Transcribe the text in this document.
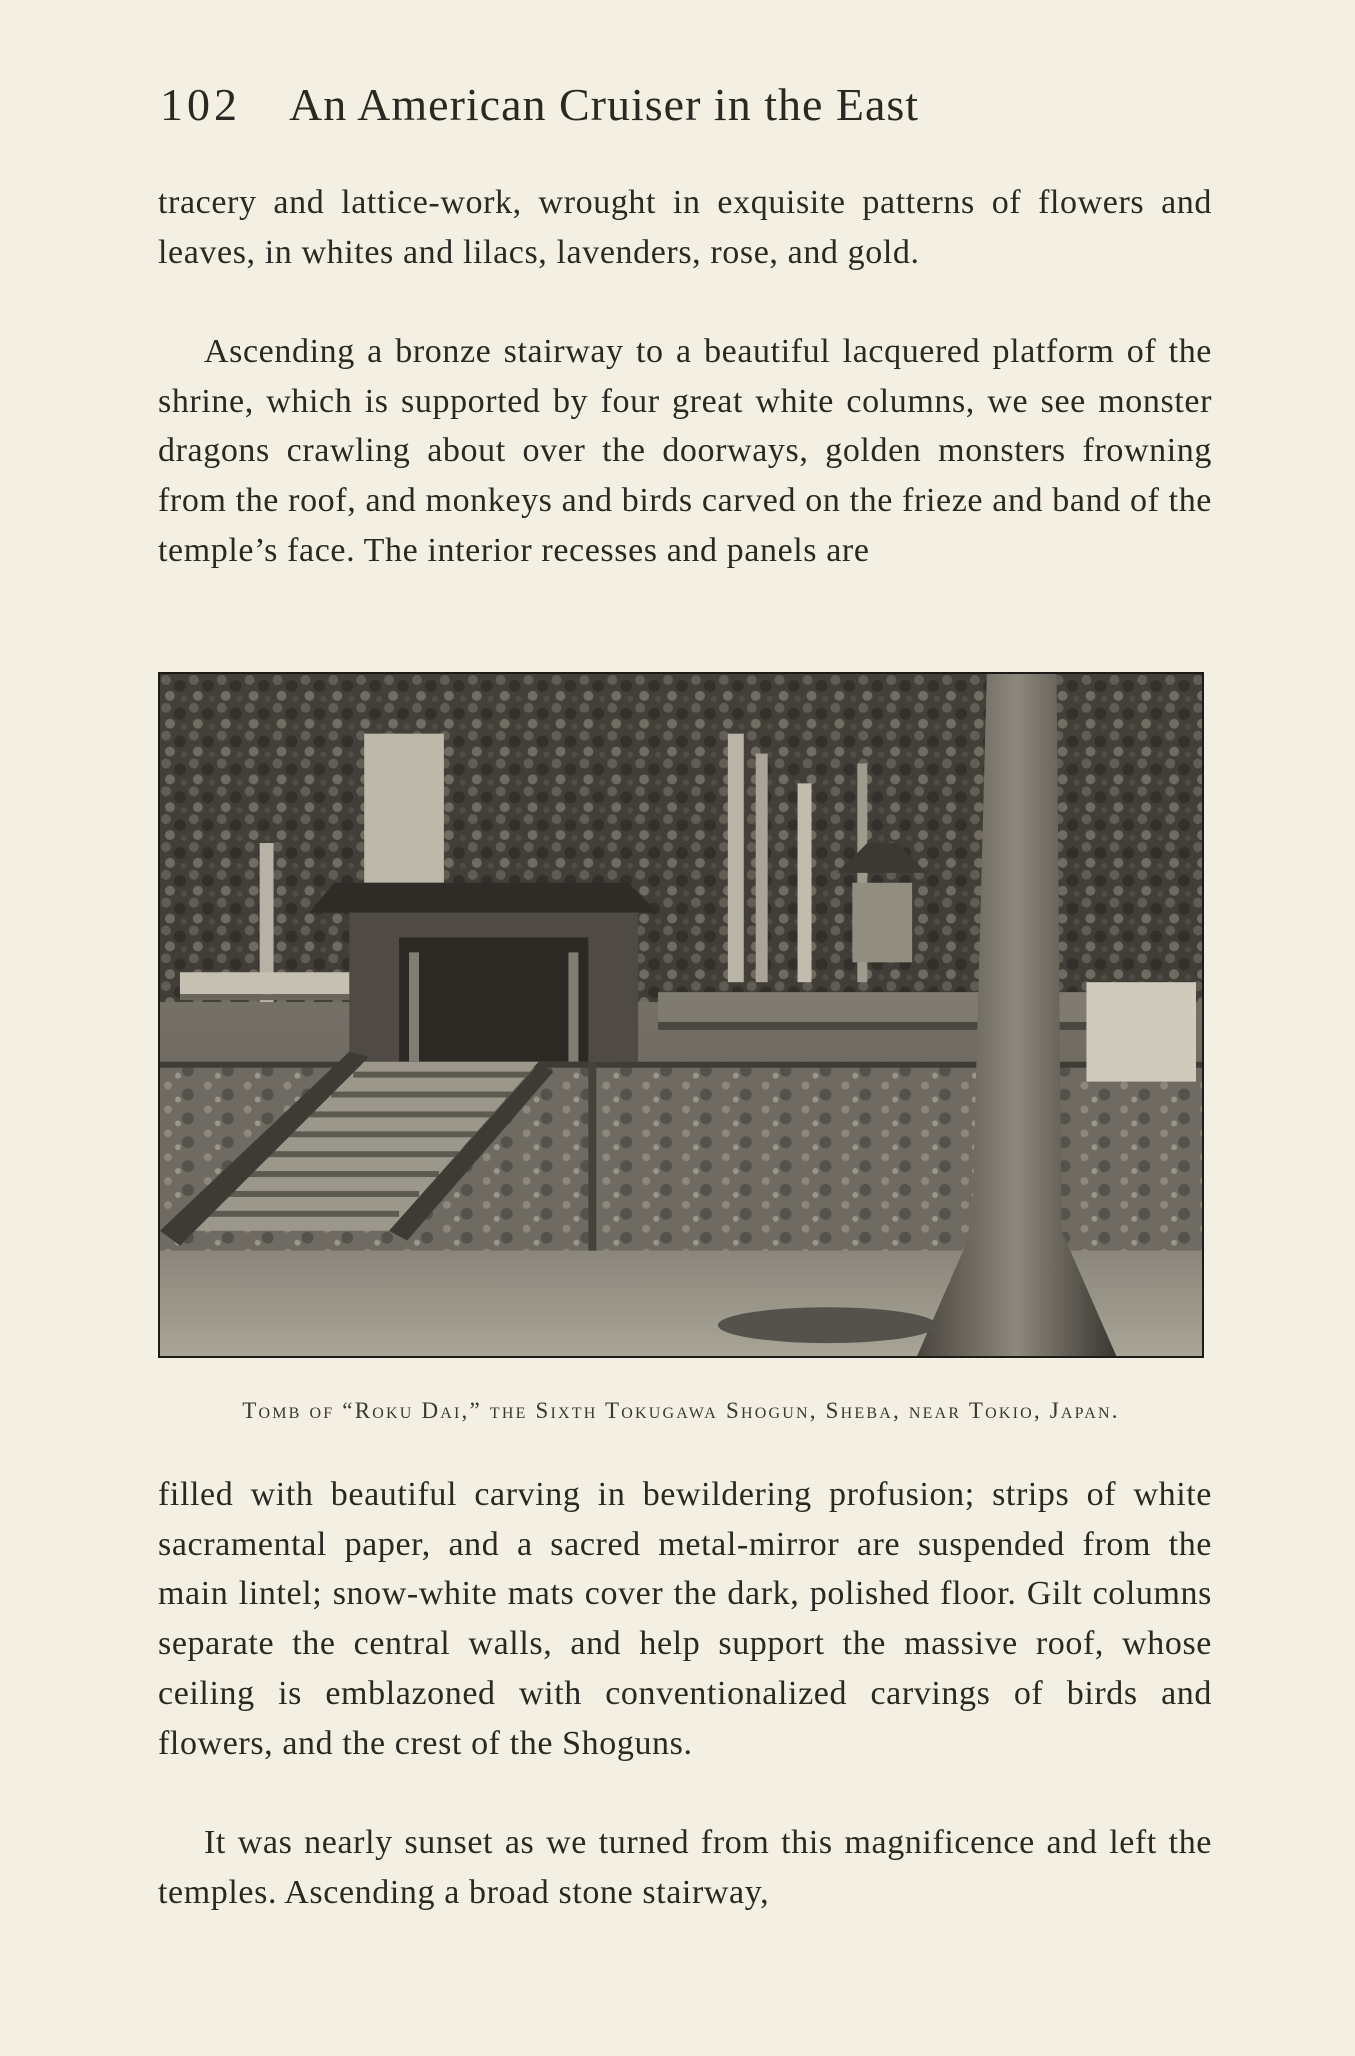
102 An American Cruiser in the East

tracery and lattice-work, wrought in exquisite patterns of flowers and leaves, in whites and lilacs, lavenders, rose, and gold.

Ascending a bronze stairway to a beautiful lacquered platform of the shrine, which is supported by four great white columns, we see monster dragons crawling about over the doorways, golden monsters frowning from the roof, and monkeys and birds carved on the frieze and band of the temple’s face. The interior recesses and panels are

Tomb of “Roku Dai,” the Sixth Tokugawa Shogun, Sheba, near Tokio, Japan.

filled with beautiful carving in bewildering profusion; strips of white sacramental paper, and a sacred metal-mirror are suspended from the main lintel; snow-white mats cover the dark, polished floor. Gilt columns separate the central walls, and help support the massive roof, whose ceiling is emblazoned with conventionalized carvings of birds and flowers, and the crest of the Shoguns.

It was nearly sunset as we turned from this magnificence and left the temples. Ascending a broad stone stairway,
